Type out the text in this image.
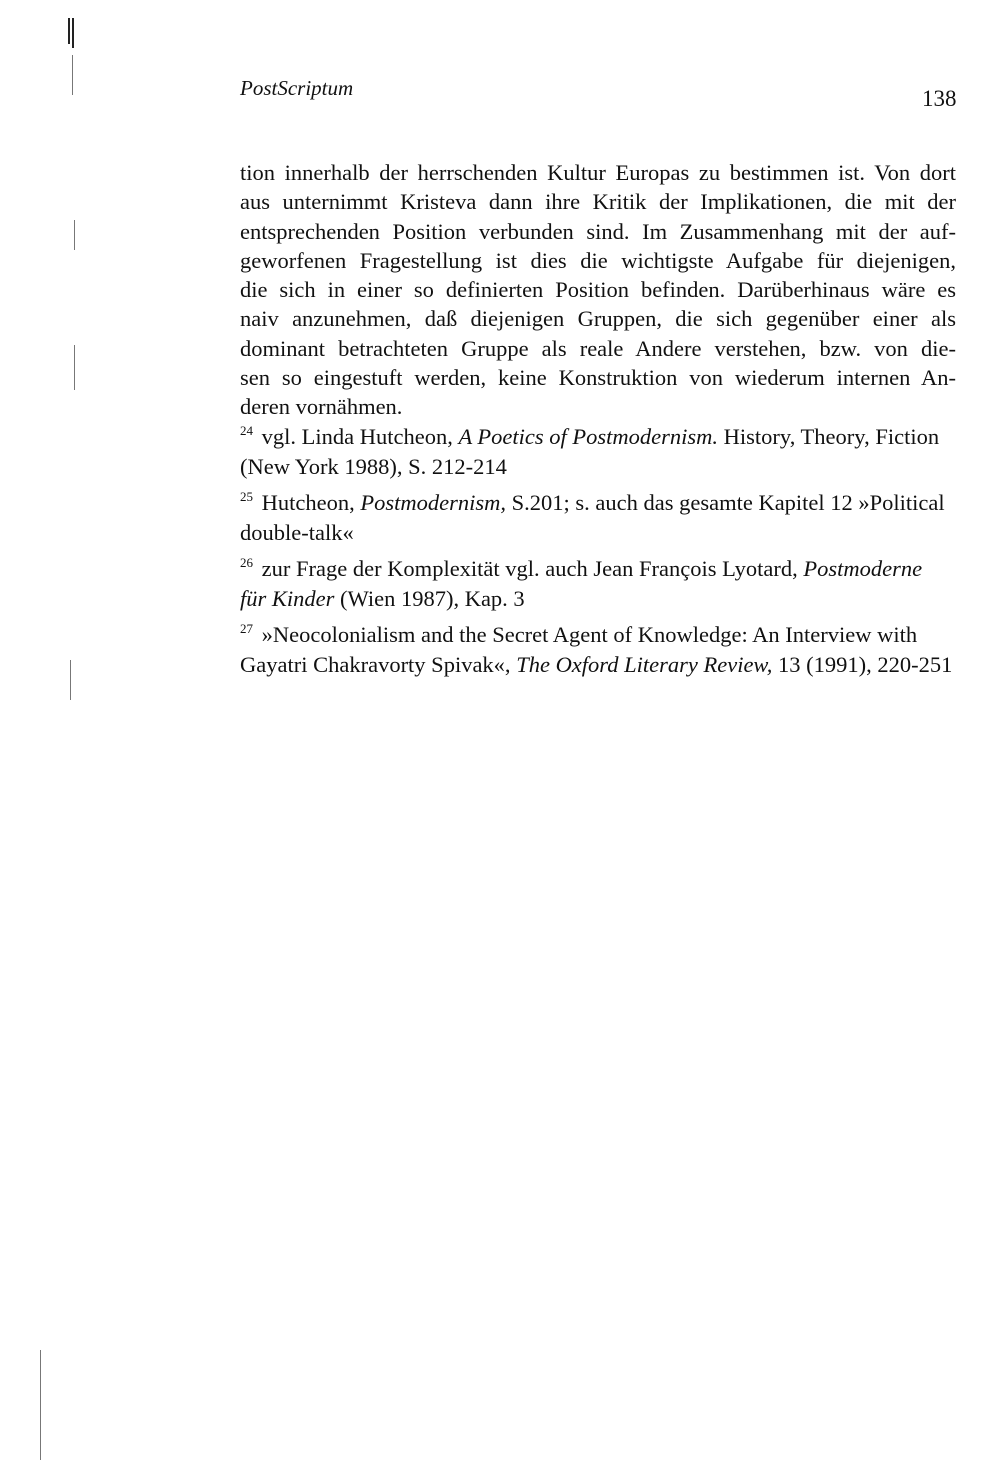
PostScriptum	138
tion innerhalb der herrschenden Kultur Europas zu bestimmen ist. Von dort
aus unternimmt Kristeva dann ihre Kritik der Implikationen, die mit der
entsprechenden Position verbunden sind. Im Zusammenhang mit der auf-
geworfenen Fragestellung ist dies die wichtigste Aufgabe für diejenigen,
die sich in einer so definierten Position befinden. Darüberhinaus wäre es
naiv anzunehmen, daß diejenigen Gruppen, die sich gegenüber einer als
dominant betrachteten Gruppe als reale Andere verstehen, bzw. von die-
sen so eingestuft werden, keine Konstruktion von wiederum internen An-
deren vornähmen.
$^{24}$ vgl. Linda Hutcheon, A Poetics of Postmodernism. History, Theory, Fiction
(New York 1988), S. 212-214
$^{25}$ Hutcheon, Postmodernism, S.201; s. auch das gesamte Kapitel 12 »Political
double-talk«
$^{26}$ zur Frage der Komplexität vgl. auch Jean François Lyotard, Postmoderne
für Kinder (Wien 1987), Kap. 3
$^{27}$ »Neocolonialism and the Secret Agent of Knowledge: An Interview with
Gayatri Chakravorty Spivak«, The Oxford Literary Review, 13 (1991), 220-251
